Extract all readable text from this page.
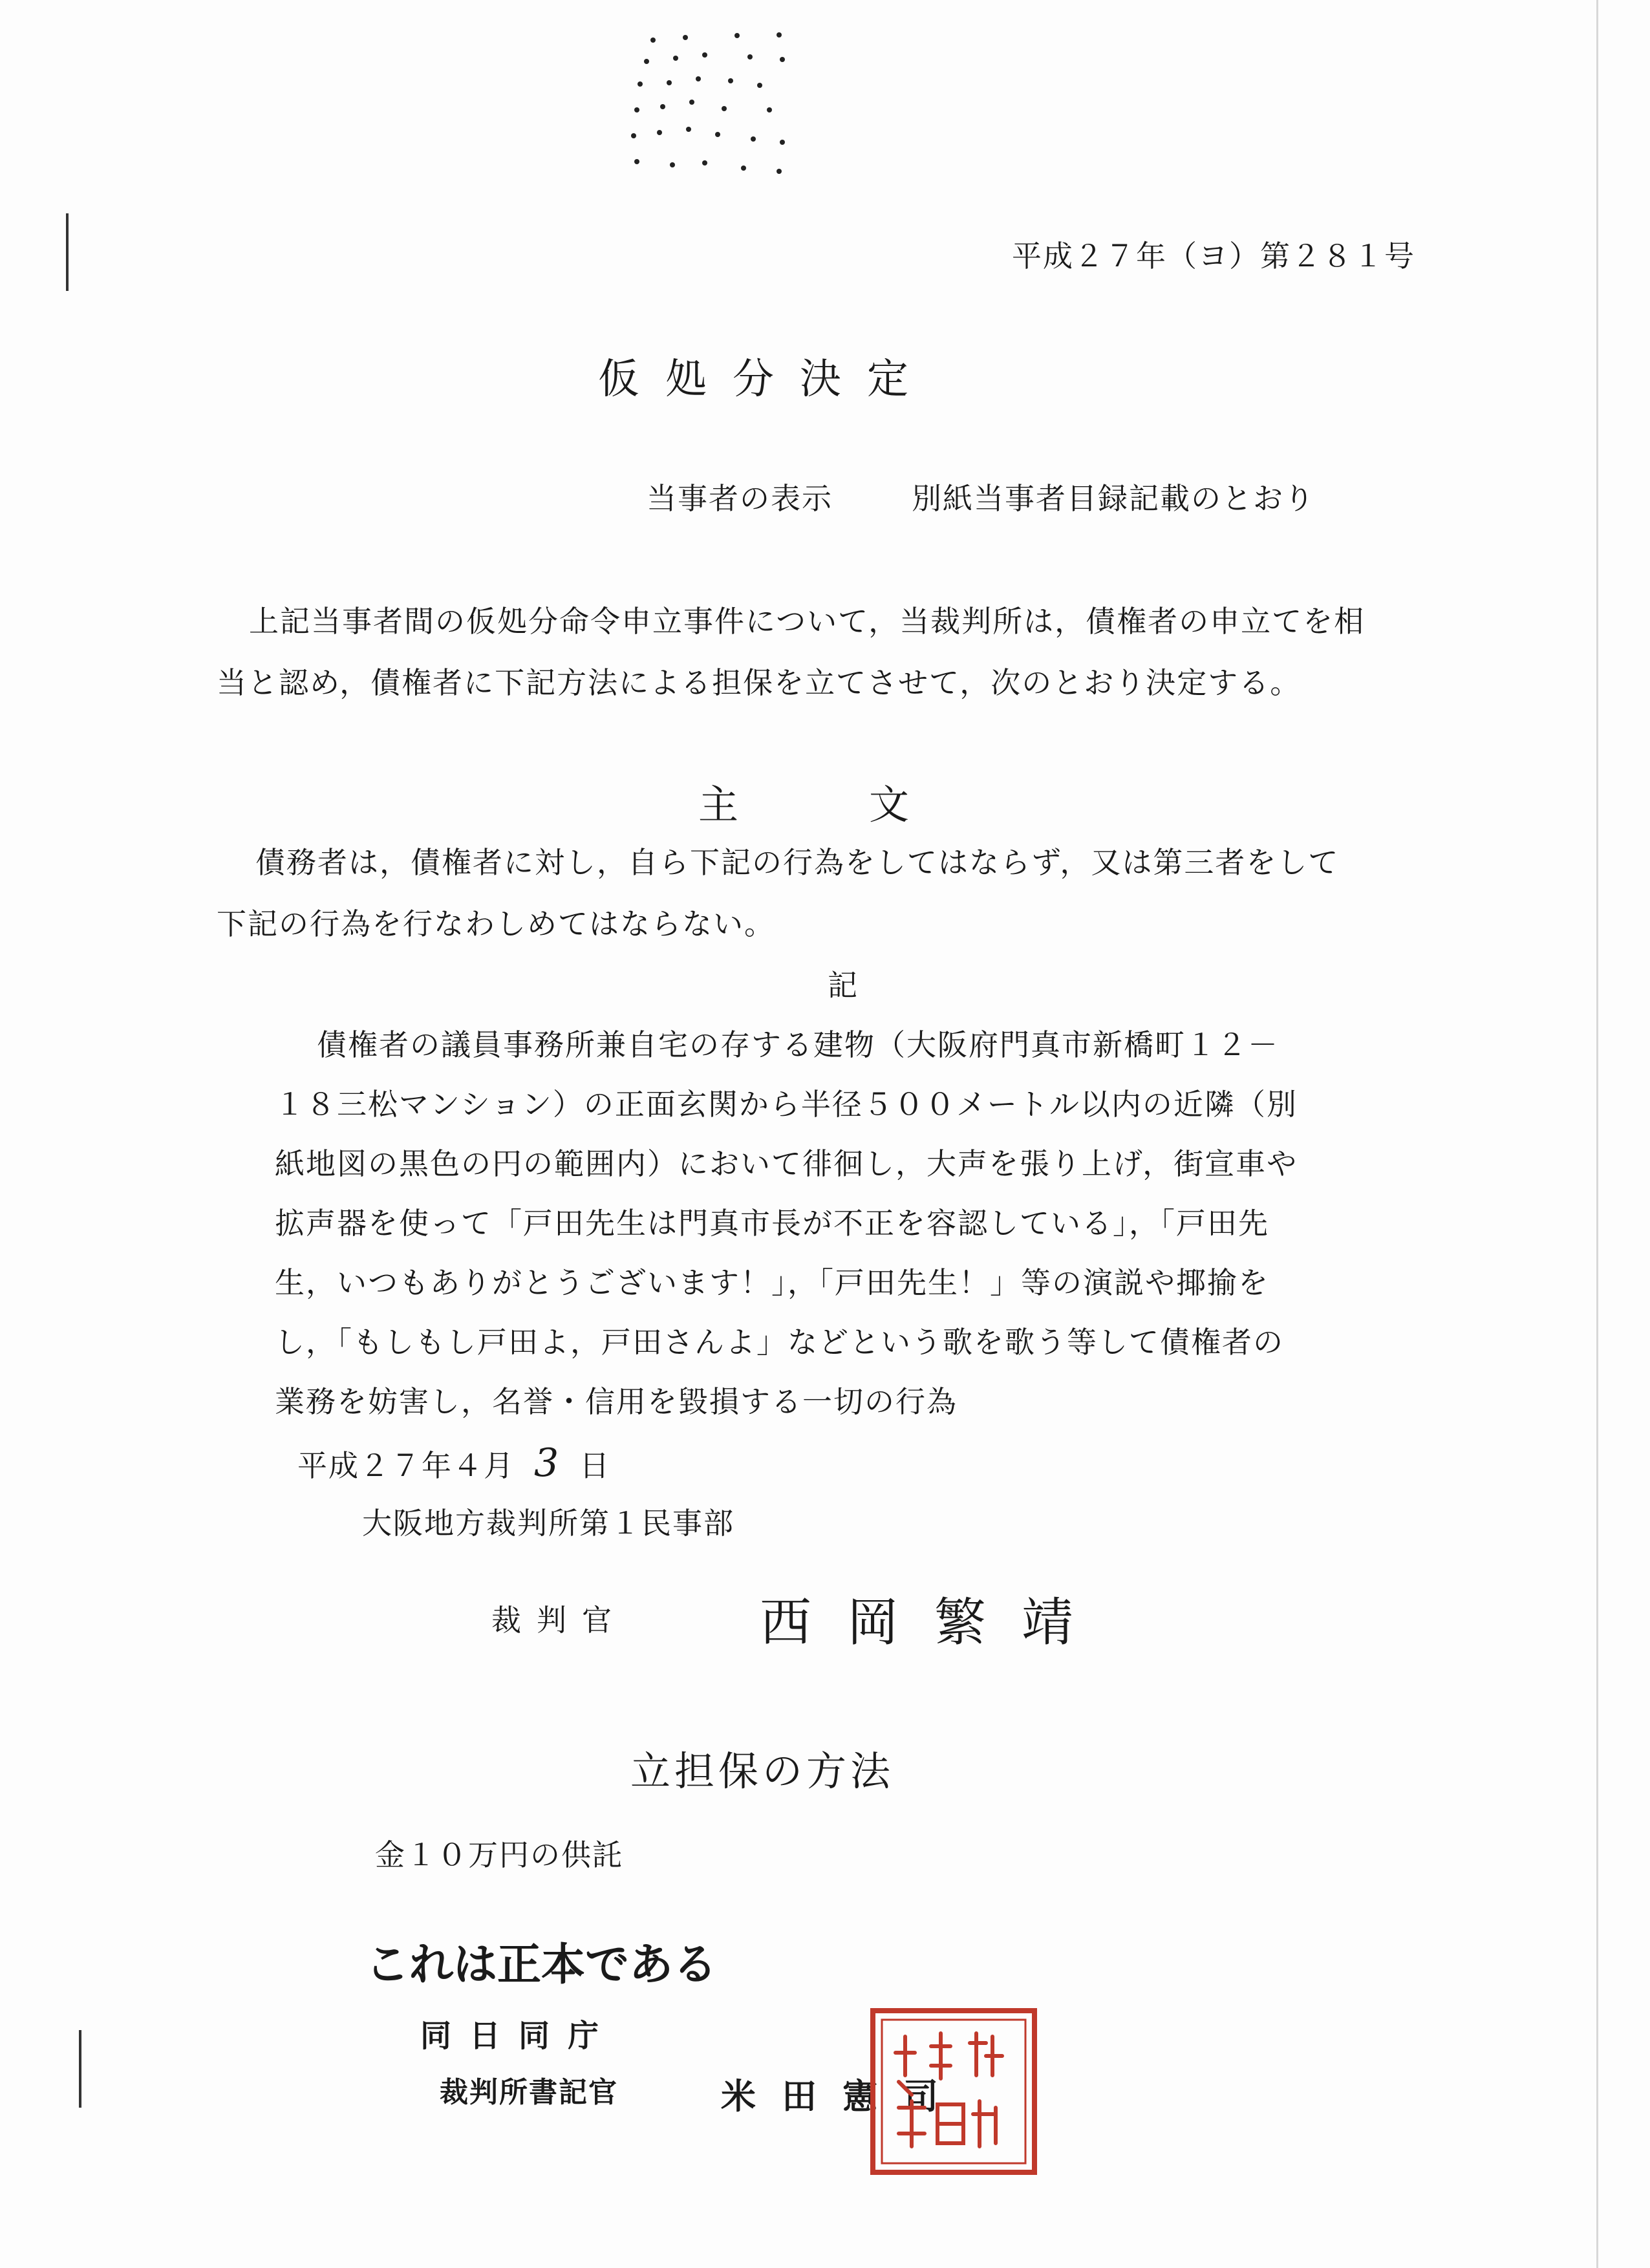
平成２７年（ヨ）第２８１号
仮処分決定
当事者の表示	別紙当事者目録記載のとおり
上記当事者間の仮処分命令申立事件について，当裁判所は，債権者の申立てを相
当と認め，債権者に下記方法による担保を立てさせて，次のとおり決定する。
主　　　文
債務者は，債権者に対し，自ら下記の行為をしてはならず，又は第三者をして
下記の行為を行なわしめてはならない。
記
債権者の議員事務所兼自宅の存する建物（大阪府門真市新橋町１２－
１８三松マンション）の正面玄関から半径５００メートル以内の近隣（別
紙地図の黒色の円の範囲内）において徘徊し，大声を張り上げ，街宣車や
拡声器を使って「戸田先生は門真市長が不正を容認している」，「戸田先
生，いつもありがとうございます！」，「戸田先生！」等の演説や揶揄を
し，「もしもし戸田よ，戸田さんよ」などという歌を歌う等して債権者の
業務を妨害し，名誉・信用を毀損する一切の行為
平成２７年４月 3 日
大阪地方裁判所第１民事部
裁判官	西岡繁靖
立担保の方法
金１０万円の供託
これは正本である
同日同庁
裁判所書記官	米田憲司
